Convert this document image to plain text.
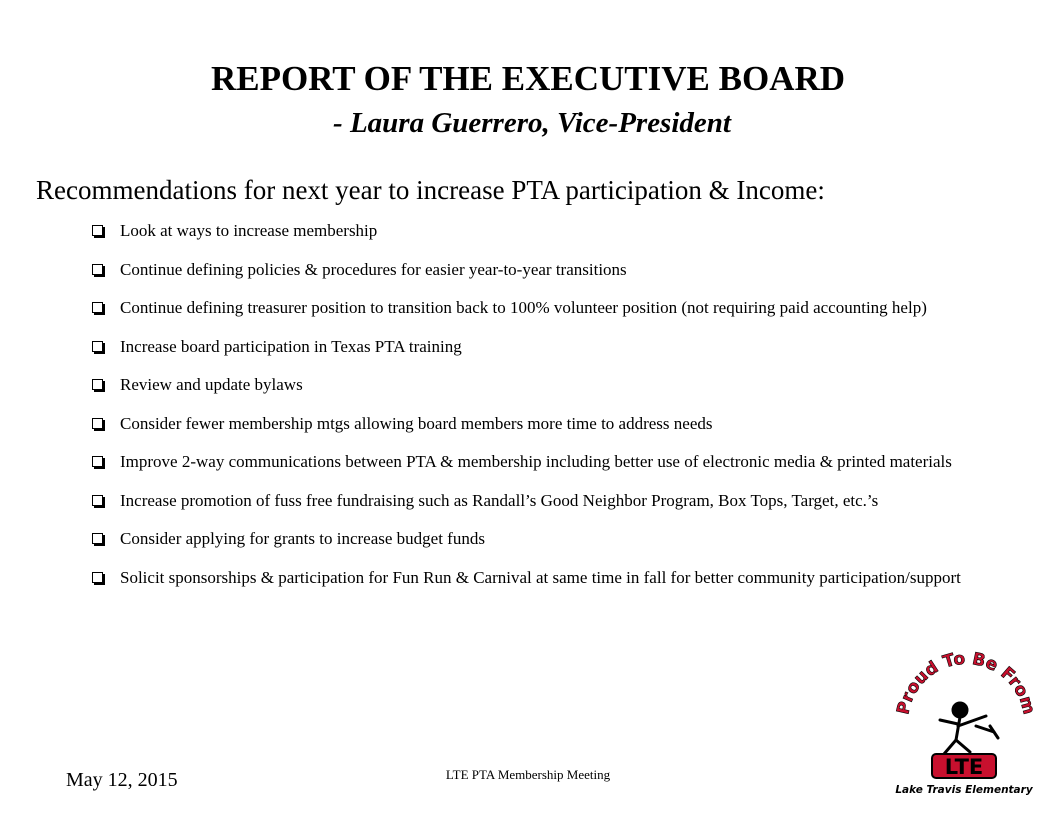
REPORT OF THE EXECUTIVE BOARD
- Laura Guerrero, Vice-President
Recommendations for next year to increase PTA participation & Income:
Look at ways to increase membership
Continue defining policies & procedures for easier year-to-year transitions
Continue defining treasurer position to transition back to 100% volunteer position (not requiring paid accounting help)
Increase board participation in Texas PTA training
Review and update bylaws
Consider fewer membership mtgs allowing board members more time to address needs
Improve 2-way communications between PTA & membership including better use of electronic media & printed materials
Increase promotion of fuss free fundraising such as Randall’s Good Neighbor Program, Box Tops, Target, etc.’s
Consider applying for grants to increase budget funds
Solicit sponsorships & participation for Fun Run & Carnival at same time in fall for better community participation/support
May 12, 2015	LTE PTA Membership Meeting
Proud To Be From
LTE
Lake Travis Elementary
